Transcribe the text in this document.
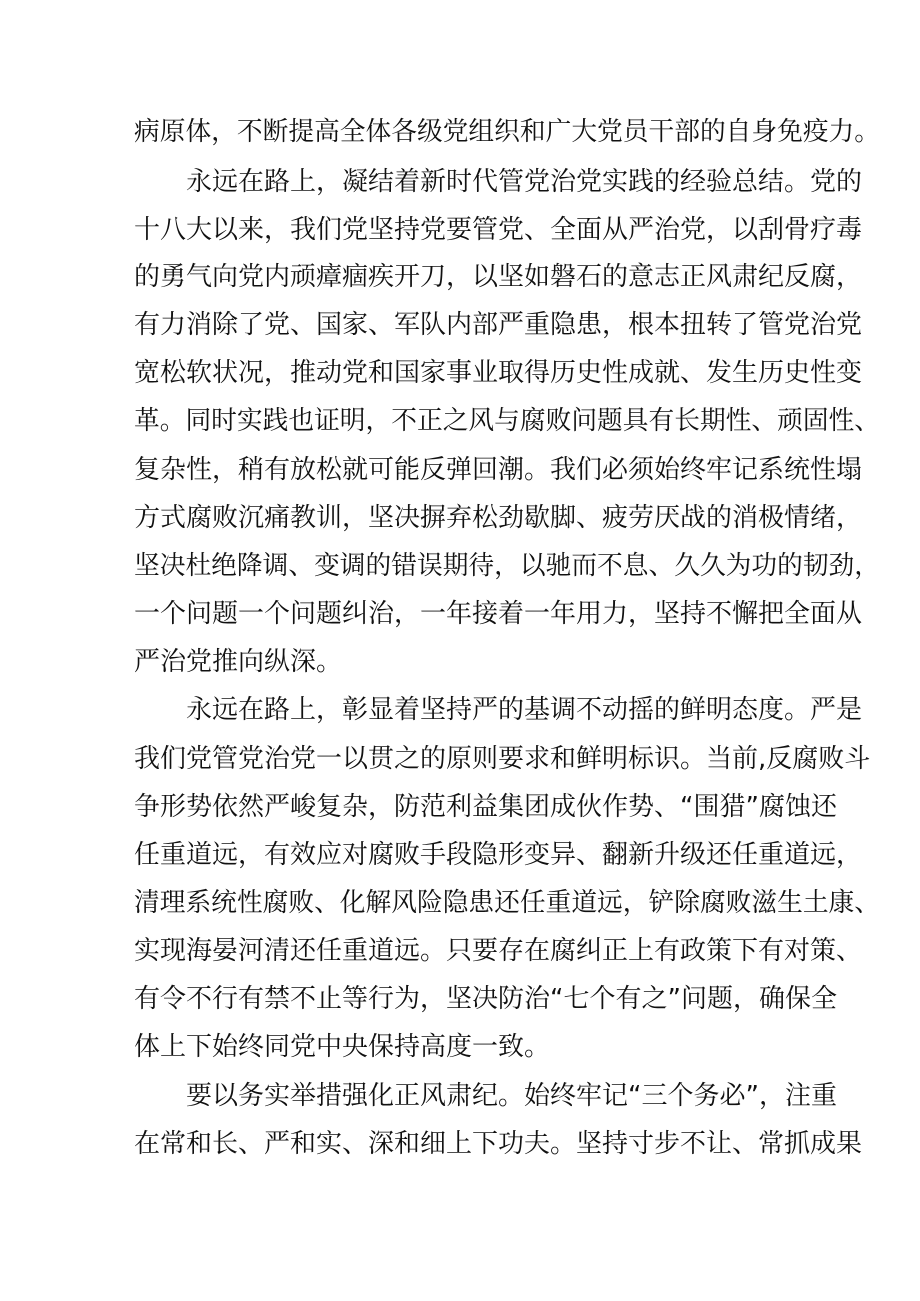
病原体，不断提高全体各级党组织和广大党员干部的自身免疫力。
永远在路上，凝结着新时代管党治党实践的经验总结。党的
十八大以来，我们党坚持党要管党、全面从严治党，以刮骨疗毒
的勇气向党内顽瘴痼疾开刀，以坚如磐石的意志正风肃纪反腐，
有力消除了党、国家、军队内部严重隐患，根本扭转了管党治党
宽松软状况，推动党和国家事业取得历史性成就、发生历史性变
革。同时实践也证明，不正之风与腐败问题具有长期性、顽固性、
复杂性，稍有放松就可能反弹回潮。我们必须始终牢记系统性塌
方式腐败沉痛教训，坚决摒弃松劲歇脚、疲劳厌战的消极情绪，
坚决杜绝降调、变调的错误期待，以驰而不息、久久为功的韧劲，
一个问题一个问题纠治，一年接着一年用力，坚持不懈把全面从
严治党推向纵深。
永远在路上，彰显着坚持严的基调不动摇的鲜明态度。严是
我们党管党治党一以贯之的原则要求和鲜明标识。当前,反腐败斗
争形势依然严峻复杂，防范利益集团成伙作势、“围猎”腐蚀还
任重道远，有效应对腐败手段隐形变异、翻新升级还任重道远，
清理系统性腐败、化解风险隐患还任重道远，铲除腐败滋生土康、
实现海晏河清还任重道远。只要存在腐纠正上有政策下有对策、
有令不行有禁不止等行为，坚决防治“七个有之”问题，确保全
体上下始终同党中央保持高度一致。
要以务实举措强化正风肃纪。始终牢记“三个务必”，注重
在常和长、严和实、深和细上下功夫。坚持寸步不让、常抓成果
